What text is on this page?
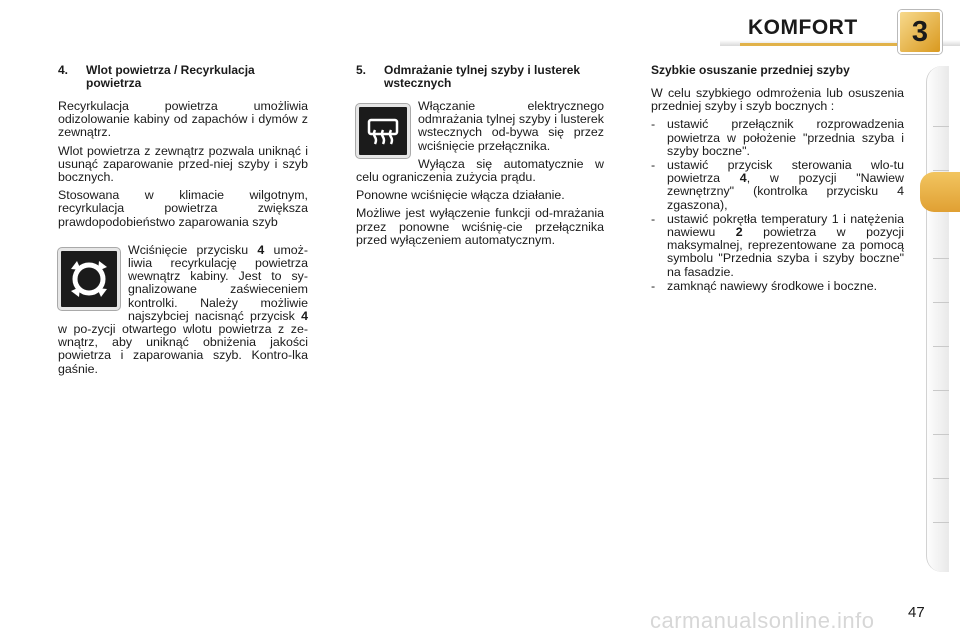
KOMFORT	3
4.	Wlot powietrza / Recyrkulacja powietrza

Recyrkulacja powietrza umożliwia odizolowanie kabiny od zapachów i dymów z zewnątrz.

Wlot powietrza z zewnątrz pozwala uniknąć i usunąć zaparowanie przed-niej szyby i szyb bocznych.

Stosowana w klimacie wilgotnym, recyrkulacja powietrza zwiększa prawdopodobieństwo zaparowania szyb

Wciśnięcie przycisku 4 umoż-liwia recyrkulację powietrza wewnątrz kabiny. Jest to sy-gnalizowane zaświeceniem kontrolki. Należy możliwie najszybciej nacisnąć przycisk 4 w po-zycji otwartego wlotu powietrza z ze-wnątrz, aby uniknąć obniżenia jakości powietrza i zaparowania szyb. Kontro-lka gaśnie.

5.	Odmrażanie tylnej szyby i lusterek wstecznych

Włączanie elektrycznego odmrażania tylnej szyby i lusterek wstecznych od-bywa się przez wciśnięcie przełącznika.

Wyłącza się automatycznie w celu ograniczenia zużycia prądu.

Ponowne wciśnięcie włącza działanie.

Możliwe jest wyłączenie funkcji od-mrażania przez ponowne wciśnię-cie przełącznika przed wyłączeniem automatycznym.

Szybkie osuszanie przedniej szyby

W celu szybkiego odmrożenia lub osuszenia przedniej szyby i szyb bocznych :

- ustawić przełącznik rozprowadzenia powietrza w położenie "przednia szyba i szyby boczne".
- ustawić przycisk sterowania wlo-tu powietrza 4, w pozycji "Nawiew zewnętrzny" (kontrolka przycisku 4 zgaszona),
- ustawić pokrętła temperatury 1 i natężenia nawiewu 2 powietrza w pozycji maksymalnej, reprezentowane za pomocą symbolu "Przednia szyba i szyby boczne" na fasadzie.
- zamknąć nawiewy środkowe i boczne.
carmanualsonline.info 47
